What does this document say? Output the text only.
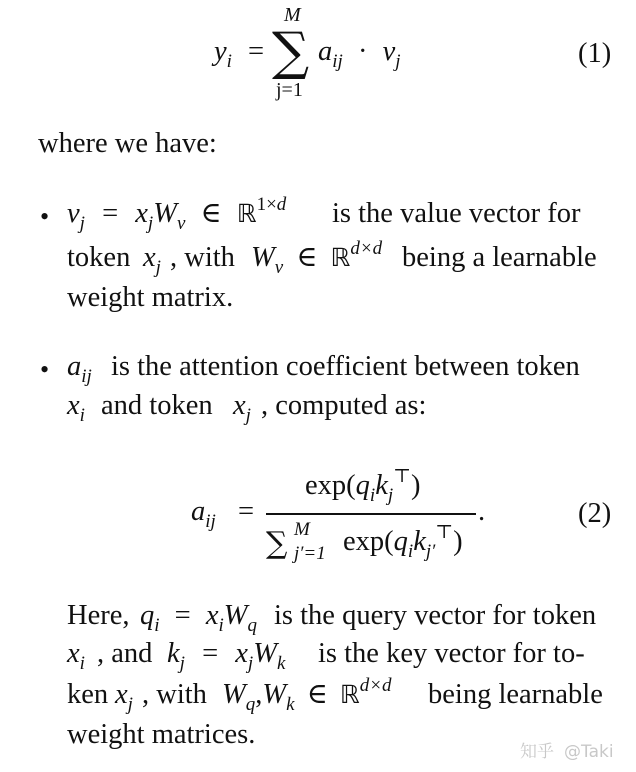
$y_i$ =
M
∑
j=1
$a_{ij} \cdot v_j$	(1)
where we have:
• $v_j = x_jW_v$ ∈ ℝ$^{1\times d}$ is the value vector for
token $x_j$ , with $W_v$ ∈ ℝ$^{d\times d}$ being a learnable
weight matrix.
• $a_{ij}$ is the attention coefficient between token
$x_i$ and token $x_j$ , computed as:
$a_{ij}$ =
$\exp(q_ik_j^⊤)$
.
∑ M
j′=1 $\exp(q_ik_{j'}^⊤)$
(2)
Here, $q_i = x_iW_q$ is the query vector for token
$x_i$ , and $k_j = x_jW_k$ is the key vector for to-
ken $x_j$ , with $W_q,W_k$ ∈ ℝ$^{d\times d}$ being learnable
weight matrices.
知乎 @Taki
